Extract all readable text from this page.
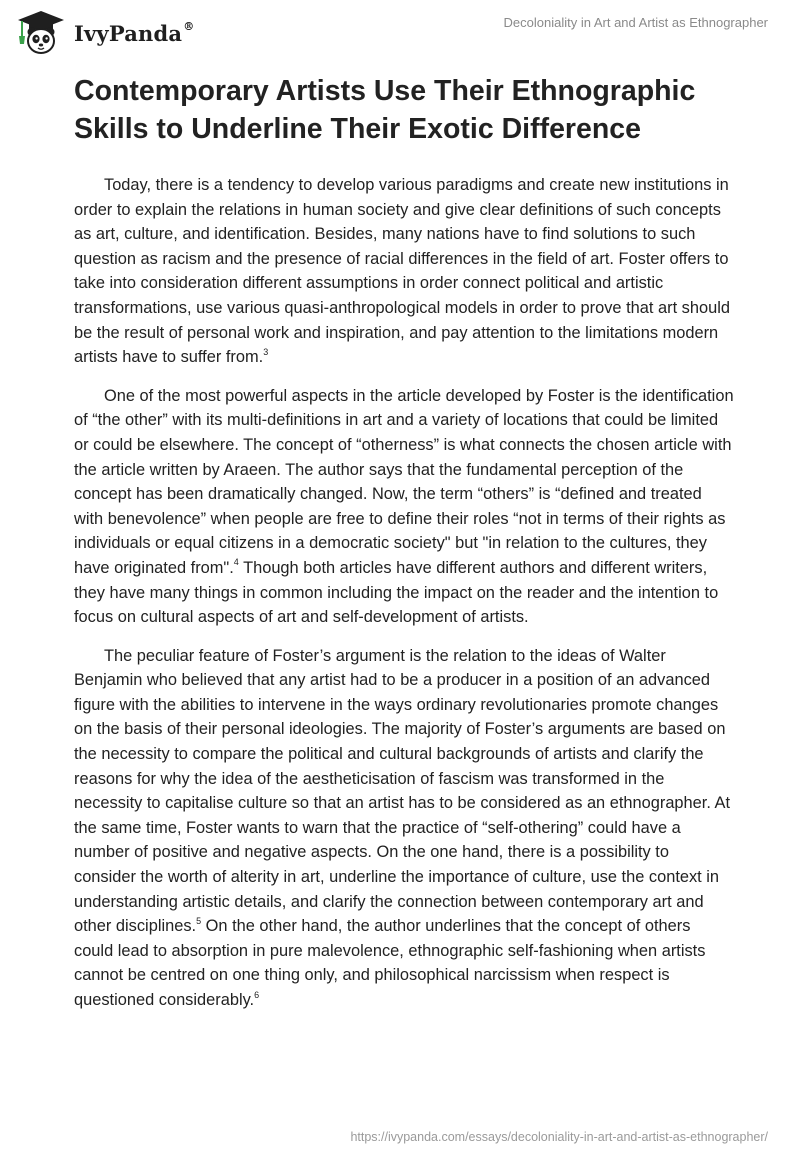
IvyPanda®	Decoloniality in Art and Artist as Ethnographer
Contemporary Artists Use Their Ethnographic Skills to Underline Their Exotic Difference

Today, there is a tendency to develop various paradigms and create new institutions in order to explain the relations in human society and give clear definitions of such concepts as art, culture, and identification. Besides, many nations have to find solutions to such question as racism and the presence of racial differences in the field of art. Foster offers to take into consideration different assumptions in order connect political and artistic transformations, use various quasi-anthropological models in order to prove that art should be the result of personal work and inspiration, and pay attention to the limitations modern artists have to suffer from.$^3$

One of the most powerful aspects in the article developed by Foster is the identification of “the other” with its multi-definitions in art and a variety of locations that could be limited or could be elsewhere. The concept of “otherness” is what connects the chosen article with the article written by Araeen. The author says that the fundamental perception of the concept has been dramatically changed. Now, the term “others” is “defined and treated with benevolence” when people are free to define their roles “not in terms of their rights as individuals or equal citizens in a democratic society" but "in relation to the cultures, they have originated from".$^4$ Though both articles have different authors and different writers, they have many things in common including the impact on the reader and the intention to focus on cultural aspects of art and self-development of artists.

The peculiar feature of Foster’s argument is the relation to the ideas of Walter Benjamin who believed that any artist had to be a producer in a position of an advanced figure with the abilities to intervene in the ways ordinary revolutionaries promote changes on the basis of their personal ideologies. The majority of Foster’s arguments are based on the necessity to compare the political and cultural backgrounds of artists and clarify the reasons for why the idea of the aestheticisation of fascism was transformed in the necessity to capitalise culture so that an artist has to be considered as an ethnographer. At the same time, Foster wants to warn that the practice of “self-othering” could have a number of positive and negative aspects. On the one hand, there is a possibility to consider the worth of alterity in art, underline the importance of culture, use the context in understanding artistic details, and clarify the connection between contemporary art and other disciplines.$^5$ On the other hand, the author underlines that the concept of others could lead to absorption in pure malevolence, ethnographic self-fashioning when artists cannot be centred on one thing only, and philosophical narcissism when respect is questioned considerably.$^6$

https://ivypanda.com/essays/decoloniality-in-art-and-artist-as-ethnographer/
